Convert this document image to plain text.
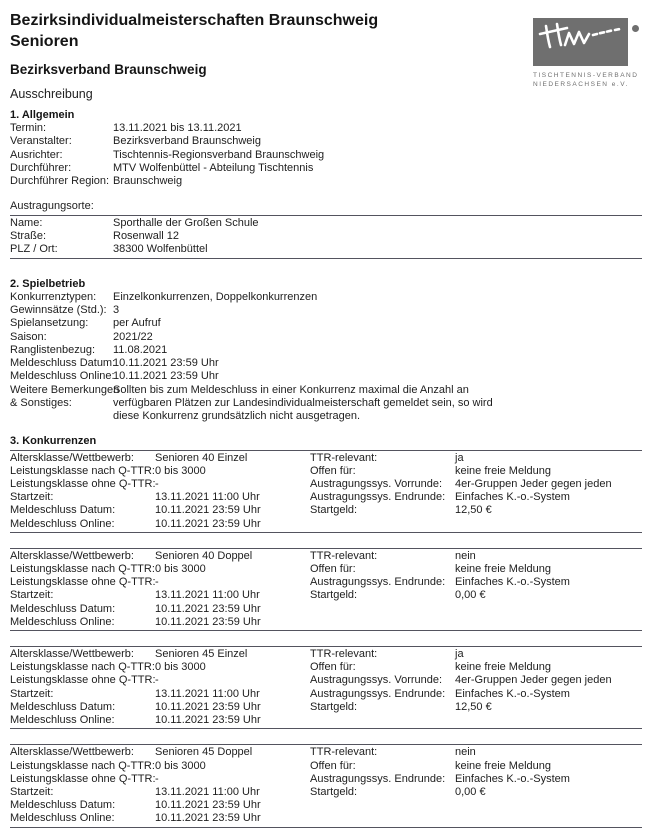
Bezirksindividualmeisterschaften Braunschweig
Senioren
TISCHTENNIS-VERBAND
NIEDERSACHSEN e.V.
Bezirksverband Braunschweig
Ausschreibung
1. Allgemein
Termin:	13.11.2021 bis 13.11.2021
Veranstalter:	Bezirksverband Braunschweig
Ausrichter:	Tischtennis-Regionsverband Braunschweig
Durchführer:	MTV Wolfenbüttel - Abteilung Tischtennis
Durchführer Region: Braunschweig
Austragungsorte:
Name:	Sporthalle der Großen Schule
Straße:	Rosenwall 12
PLZ / Ort:	38300 Wolfenbüttel
2. Spielbetrieb
Konkurrenztypen:	Einzelkonkurrenzen, Doppelkonkurrenzen
Gewinnsätze (Std.): 3
Spielansetzung:	per Aufruf
Saison:	2021/22
Ranglistenbezug:	11.08.2021
Meldeschluss Datum:
10.11.2021 23:59 Uhr
Meldeschluss Online:
10.11.2021 23:59 Uhr
Weitere Bemerkungen
& Sonstiges:
Sollten bis zum Meldeschluss in einer Konkurrenz maximal die Anzahl an
verfügbaren Plätzen zur Landesindividualmeisterschaft gemeldet sein, so wird
diese Konkurrenz grundsätzlich nicht ausgetragen.
3. Konkurrenzen
Altersklasse/Wettbewerb:	Senioren 40 Einzel	TTR-relevant:	ja
Leistungsklasse nach Q-TTR: 0 bis 3000	Offen für:	keine freie Meldung
Leistungsklasse ohne Q-TTR: -	Austragungssys. Vorrunde:	4er-Gruppen Jeder gegen jeden
Startzeit:	13.11.2021 11:00 Uhr	Austragungssys. Endrunde: Einfaches K.-o.-System
Meldeschluss Datum:	10.11.2021 23:59 Uhr	Startgeld:	12,50 €
Meldeschluss Online:	10.11.2021 23:59 Uhr
Altersklasse/Wettbewerb:	Senioren 40 Doppel	TTR-relevant:	nein
Leistungsklasse nach Q-TTR: 0 bis 3000	Offen für:	keine freie Meldung
Leistungsklasse ohne Q-TTR: -	Austragungssys. Endrunde: Einfaches K.-o.-System
Startzeit:	13.11.2021 11:00 Uhr	Startgeld:	0,00 €
Meldeschluss Datum:	10.11.2021 23:59 Uhr
Meldeschluss Online:	10.11.2021 23:59 Uhr
Altersklasse/Wettbewerb:	Senioren 45 Einzel	TTR-relevant:	ja
Leistungsklasse nach Q-TTR: 0 bis 3000	Offen für:	keine freie Meldung
Leistungsklasse ohne Q-TTR: -	Austragungssys. Vorrunde:	4er-Gruppen Jeder gegen jeden
Startzeit:	13.11.2021 11:00 Uhr	Austragungssys. Endrunde: Einfaches K.-o.-System
Meldeschluss Datum:	10.11.2021 23:59 Uhr	Startgeld:	12,50 €
Meldeschluss Online:	10.11.2021 23:59 Uhr
Altersklasse/Wettbewerb:	Senioren 45 Doppel	TTR-relevant:	nein
Leistungsklasse nach Q-TTR: 0 bis 3000	Offen für:	keine freie Meldung
Leistungsklasse ohne Q-TTR: -	Austragungssys. Endrunde: Einfaches K.-o.-System
Startzeit:	13.11.2021 11:00 Uhr	Startgeld:	0,00 €
Meldeschluss Datum:	10.11.2021 23:59 Uhr
Meldeschluss Online:	10.11.2021 23:59 Uhr
